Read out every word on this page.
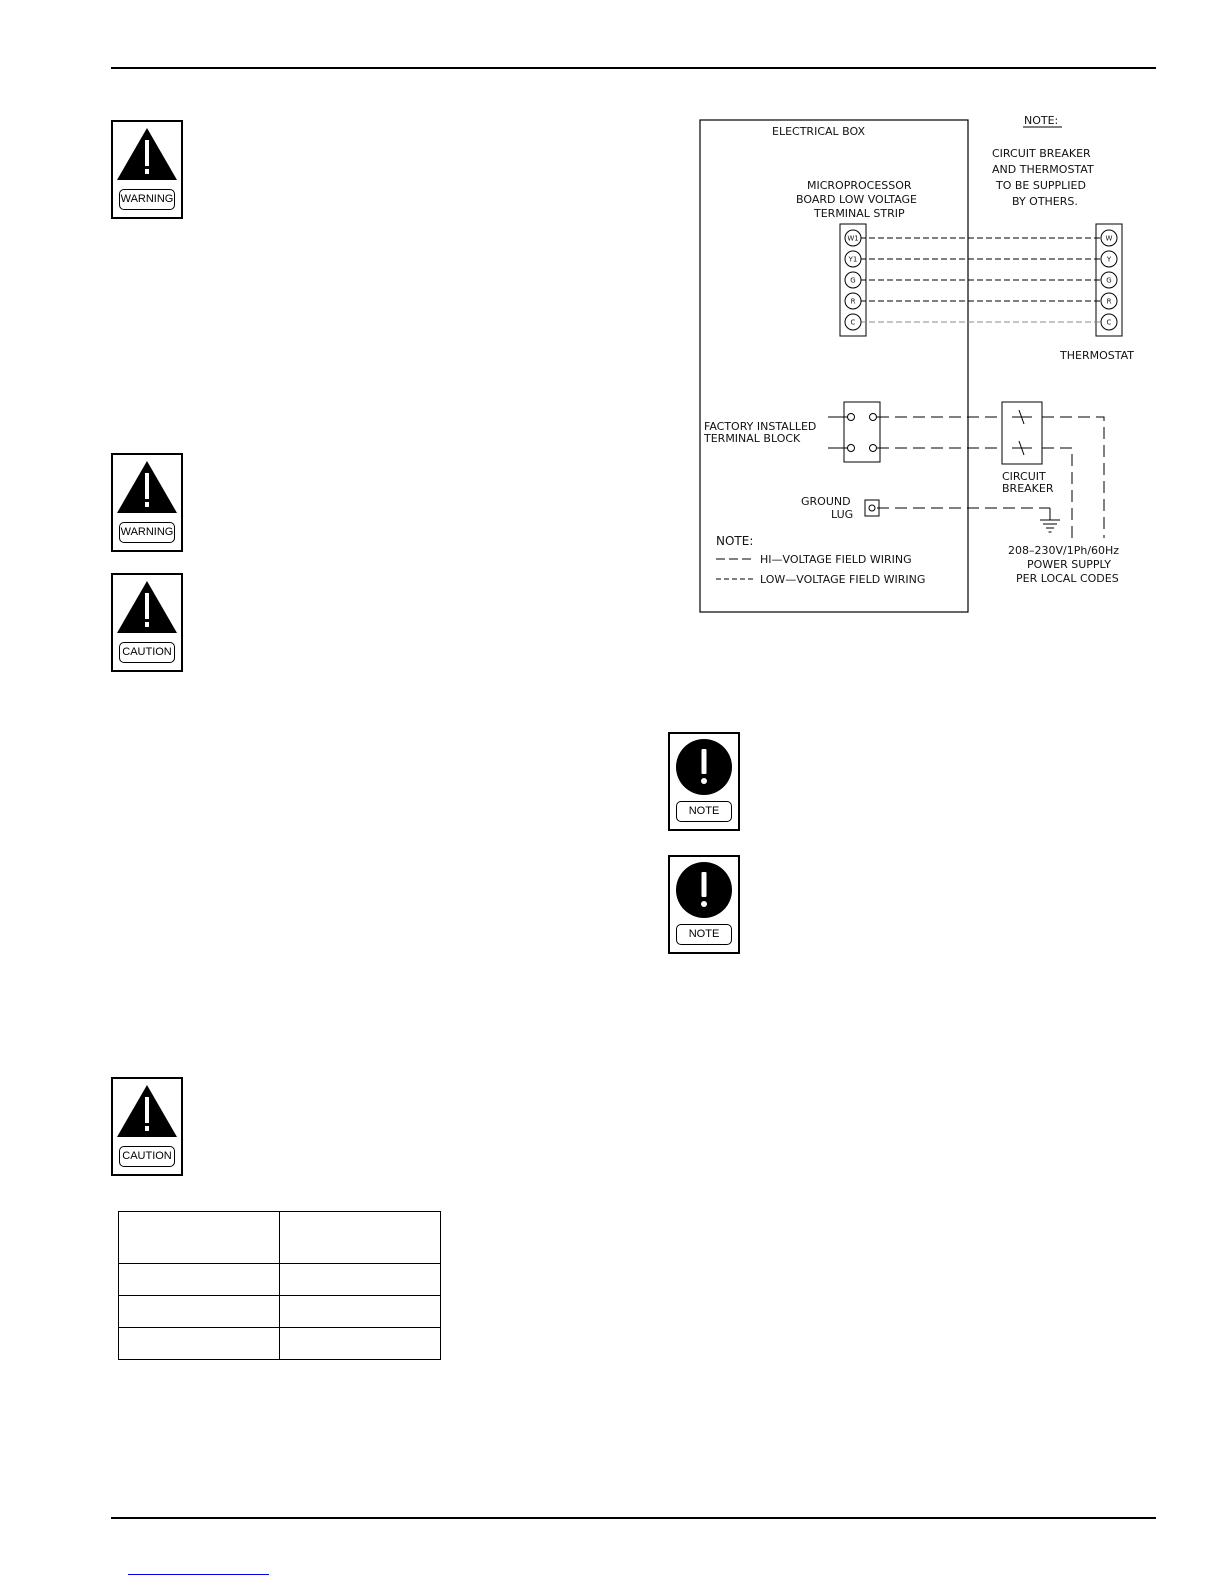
WARNING
WARNING
CAUTION
CAUTION
NOTE
NOTE
ELECTRICAL BOX
NOTE:
CIRCUIT BREAKER
AND THERMOSTAT
TO BE SUPPLIED
BY OTHERS.
MICROPROCESSOR
BOARD LOW VOLTAGE
TERMINAL STRIP
W1
Y1
G
R
C
W
Y
G
R
C
THERMOSTAT
FACTORY INSTALLED
TERMINAL BLOCK
CIRCUIT
BREAKER
GROUND
LUG
208–230V/1Ph/60Hz
POWER SUPPLY
PER LOCAL CODES
NOTE:
HI—VOLTAGE FIELD WIRING
LOW—VOLTAGE FIELD WIRING
